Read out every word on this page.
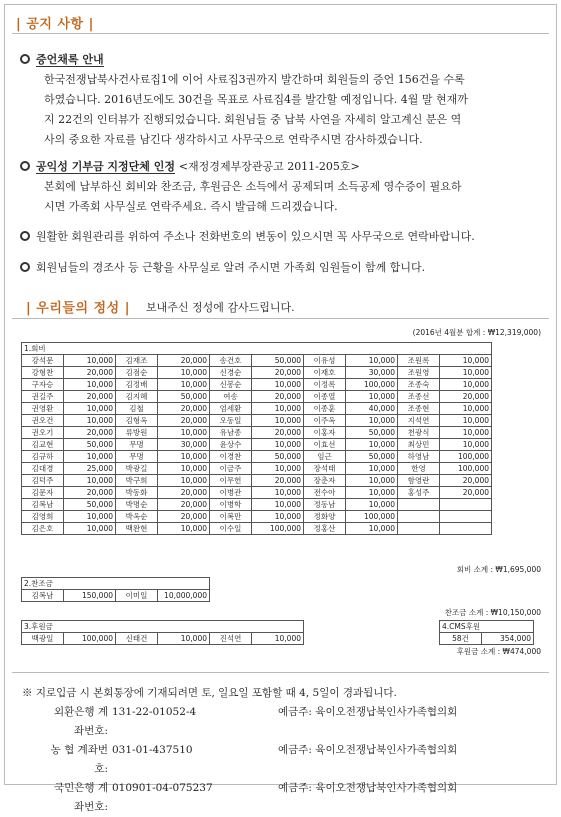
| 공지 사항 |
증언채록 안내
한국전쟁납북사건사료집1에 이어 사료집3권까지 발간하며 회원들의 증언 156건을 수록
하였습니다. 2016년도에도 30건을 목표로 사료집4를 발간할 예정입니다. 4월 말 현재까
지 22건의 인터뷰가 진행되었습니다. 회원님들 중 납북 사연을 자세히 알고계신 분은 역
사의 중요한 자료를 남긴다 생각하시고 사무국으로 연락주시면 감사하겠습니다.
공익성 기부금 지정단체 인정 <재정경제부장관공고 2011-205호>
본회에 납부하신 회비와 찬조금, 후원금은 소득에서 공제되며 소득공제 영수증이 필요하
시면 가족회 사무실로 연락주세요. 즉시 발급해 드리겠습니다.
원활한 회원관리를 위하여 주소나 전화번호의 변동이 있으시면 꼭 사무국으로 연락바랍니다.
회원님들의 경조사 등 근황을 사무실로 알려 주시면 가족회 임원들이 함께 합니다.
| 우리들의 정성 | 보내주신 정성에 감사드립니다.
(2016년 4월분 합계 : ₩12,319,000)
1.회비									
강석문	10,000	김재조	20,000	송건호	50,000	이유성	10,000	조원록	10,000
강형찬	20,000	김점순	10,000	신경순	20,000	이재호	30,000	조원영	10,000
구자승	10,000	김정배	10,000	신봉순	10,000	이정록	100,000	조종숙	10,000
권길주	20,000	김지혜	50,000	여송	20,000	이종열	10,000	조종선	20,000
권영환	10,000	김철	20,000	엄세환	10,000	이종훈	40,000	조종현	10,000
권오건	10,000	김형옥	20,000	오동일	10,000	이주옥	10,000	지석연	10,000
권오기	20,000	류방원	10,000	유남종	20,000	이홍자	50,000	천광식	10,000
김교현	50,000	무명	30,000	윤상수	10,000	이효선	10,000	최상민	10,000
김규하	10,000	무명	10,000	이경찬	50,000	임근	50,000	하영남	100,000
김대경	25,000	박광길	10,000	이금주	10,000	장석태	10,000	한영	100,000
김덕주	10,000	박구희	10,000	이무헌	20,000	장춘자	10,000	함영란	20,000
김문자	20,000	박동화	20,000	이병관	10,000	전수아	10,000	홍성주	20,000
김복남	50,000	박명순	20,000	이병학	10,000	정동남	10,000		
김영희	10,000	박옥순	20,000	이복만	10,000	정화양	100,000		
김은호	10,000	백완현	10,000	이수일	100,000	정홍산	10,000		
회비 소계 : ₩1,695,000
2.찬조금
김복남	150,000	이미일	10,000,000
찬조금 소계 : ₩10,150,000
3.후원금
백광일	100,000	신태건	10,000	진석연	10,000
4.CMS후원
58건	354,000
후원금 소계 : ₩474,000
※ 지로입금 시 본회통장에 기재되려면 토, 일요일 포함할 때 4, 5일이 경과됩니다.
외환은행 계좌번호:
131-22-01052-4	예금주: 육이오전쟁납북인사가족협의회
농 협 계좌번호:
031-01-437510	예금주: 육이오전쟁납북인사가족협의회
국민은행 계좌번호:
010901-04-075237	예금주: 육이오전쟁납북인사가족협의회
